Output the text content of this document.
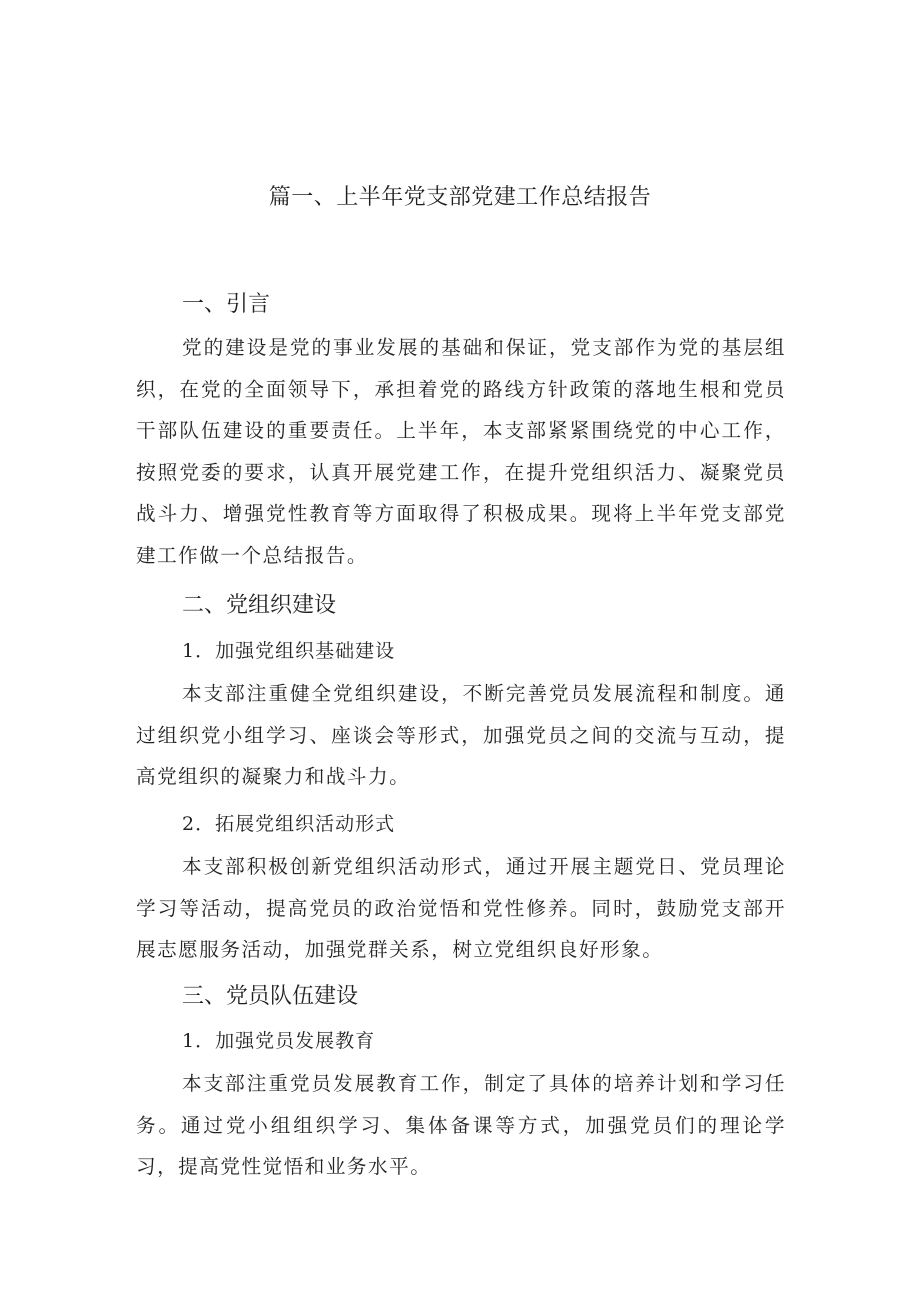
篇一、上半年党支部党建工作总结报告
一、引言

党的建设是党的事业发展的基础和保证，党支部作为党的基层组织，在党的全面领导下，承担着党的路线方针政策的落地生根和党员干部队伍建设的重要责任。上半年，本支部紧紧围绕党的中心工作，按照党委的要求，认真开展党建工作，在提升党组织活力、凝聚党员战斗力、增强党性教育等方面取得了积极成果。现将上半年党支部党建工作做一个总结报告。

二、党组织建设
1．加强党组织基础建设

本支部注重健全党组织建设，不断完善党员发展流程和制度。通过组织党小组学习、座谈会等形式，加强党员之间的交流与互动，提高党组织的凝聚力和战斗力。

2．拓展党组织活动形式

本支部积极创新党组织活动形式，通过开展主题党日、党员理论学习等活动，提高党员的政治觉悟和党性修养。同时，鼓励党支部开展志愿服务活动，加强党群关系，树立党组织良好形象。

三、党员队伍建设
1．加强党员发展教育

本支部注重党员发展教育工作，制定了具体的培养计划和学习任务。通过党小组组织学习、集体备课等方式，加强党员们的理论学习，提高党性觉悟和业务水平。
